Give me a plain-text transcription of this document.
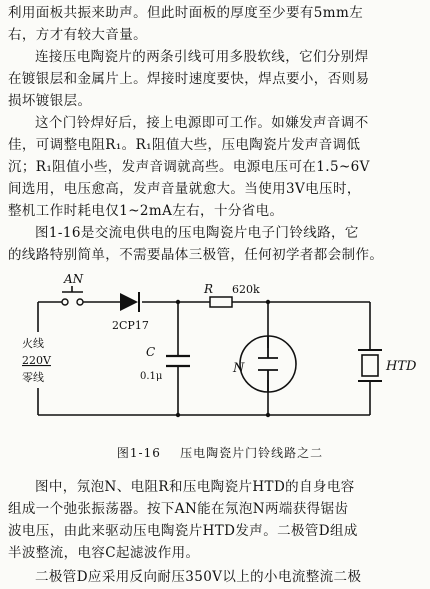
利用面板共振来助声。但此时面板的厚度至少要有5mm左
右，方才有较大音量。
连接压电陶瓷片的两条引线可用多股软线，它们分别焊
在镀银层和金属片上。焊接时速度要快，焊点要小，否则易
损坏镀银层。
这个门铃焊好后，接上电源即可工作。如嫌发声音调不
佳，可调整电阻R₁。R₁阻值大些，压电陶瓷片发声音调低
沉；R₁阻值小些，发声音调就高些。电源电压可在1.5~6V
间选用，电压愈高，发声音量就愈大。当使用3V电压时，
整机工作时耗电仅1~2mA左右，十分省电。
图1-16是交流电供电的压电陶瓷片电子门铃线路，它
的线路特别简单，不需要晶体三极管，任何初学者都会制作。
AN
2CP17
R 620k
C
0.1μ
N	HTD
火线
220V
零线
图1-16 压电陶瓷片门铃线路之二
图中，氖泡N、电阻R和压电陶瓷片HTD的自身电容
组成一个弛张振荡器。按下AN能在氖泡N两端获得锯齿
波电压，由此来驱动压电陶瓷片HTD发声。二极管D组成
半波整流，电容C起滤波作用。
二极管D应采用反向耐压350V以上的小电流整流二极
